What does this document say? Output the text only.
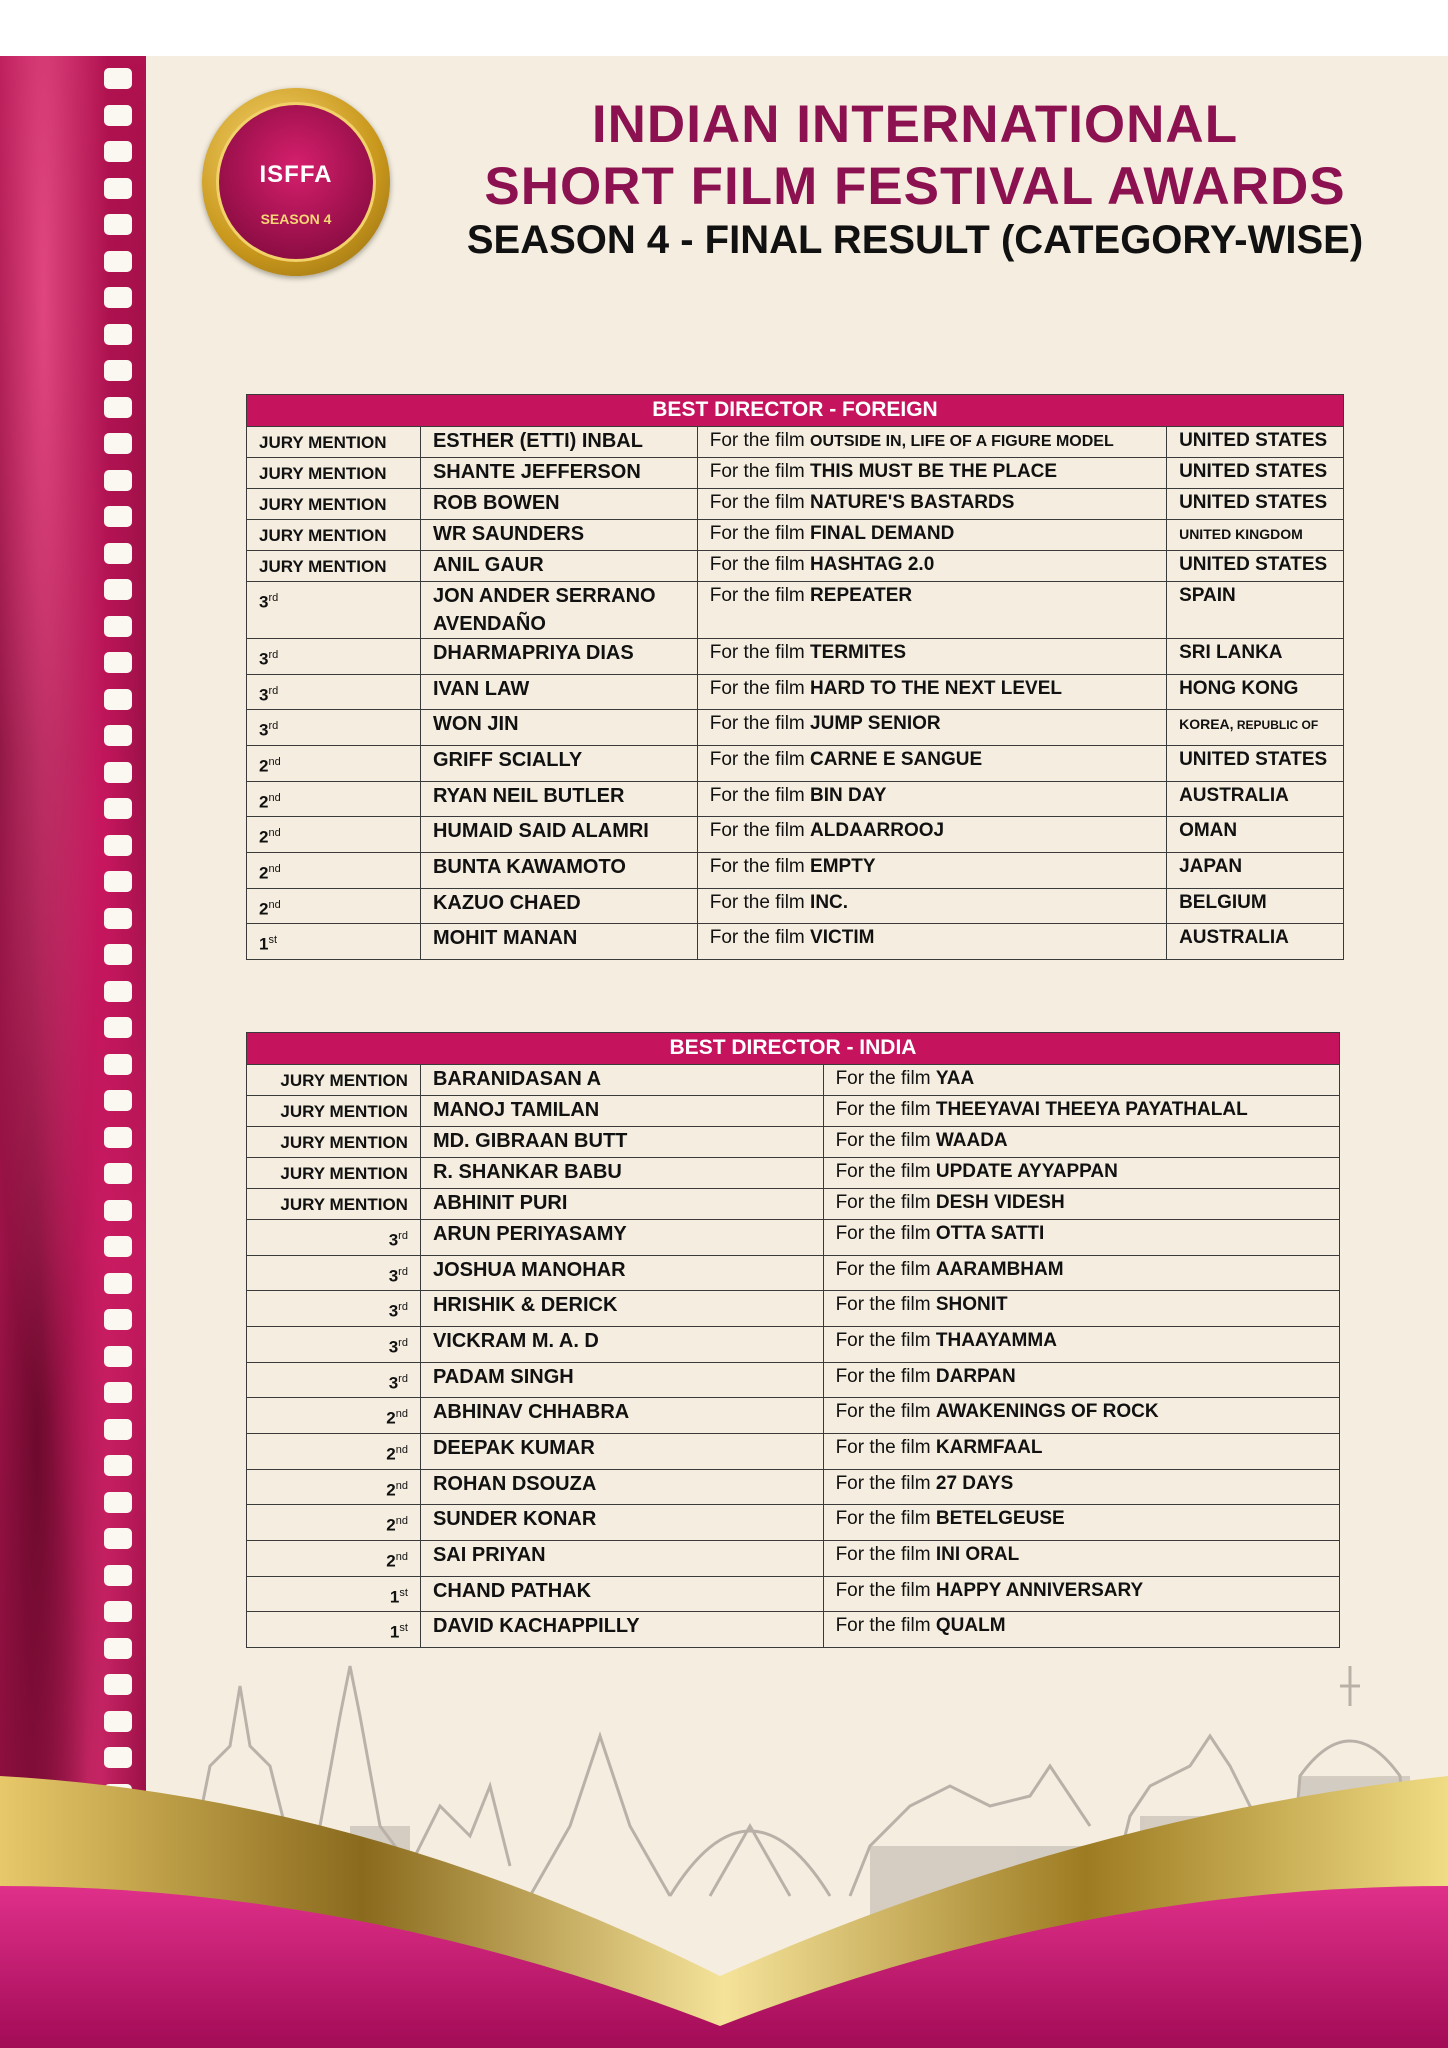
ISFFA
SEASON 4
INDIAN INTERNATIONAL
SHORT FILM FESTIVAL AWARDS
SEASON 4 - FINAL RESULT (CATEGORY-WISE)
BEST DIRECTOR - FOREIGN			
JURY MENTION	ESTHER (ETTI) INBAL	For the film OUTSIDE IN, LIFE OF A FIGURE MODEL	UNITED STATES
JURY MENTION	SHANTE JEFFERSON	For the film THIS MUST BE THE PLACE	UNITED STATES
JURY MENTION	ROB BOWEN	For the film NATURE'S BASTARDS	UNITED STATES
JURY MENTION	WR SAUNDERS	For the film FINAL DEMAND	UNITED KINGDOM
JURY MENTION	ANIL GAUR	For the film HASHTAG 2.0	UNITED STATES
3rd	JON ANDER SERRANO AVENDAÑO	For the film REPEATER	SPAIN
3rd	DHARMAPRIYA DIAS	For the film TERMITES	SRI LANKA
3rd	IVAN LAW	For the film HARD TO THE NEXT LEVEL	HONG KONG
3rd	WON JIN	For the film JUMP SENIOR	KOREA, REPUBLIC OF
2nd	GRIFF SCIALLY	For the film CARNE E SANGUE	UNITED STATES
2nd	RYAN NEIL BUTLER	For the film BIN DAY	AUSTRALIA
2nd	HUMAID SAID ALAMRI	For the film ALDAARROOJ	OMAN
2nd	BUNTA KAWAMOTO	For the film EMPTY	JAPAN
2nd	KAZUO CHAED	For the film INC.	BELGIUM
1st	MOHIT MANAN	For the film VICTIM	AUSTRALIA
BEST DIRECTOR - INDIA		
JURY MENTION	BARANIDASAN A	For the film YAA
JURY MENTION	MANOJ TAMILAN	For the film THEEYAVAI THEEYA PAYATHALAL
JURY MENTION	MD. GIBRAAN BUTT	For the film WAADA
JURY MENTION	R. SHANKAR BABU	For the film UPDATE AYYAPPAN
JURY MENTION	ABHINIT PURI	For the film DESH VIDESH
3rd	ARUN PERIYASAMY	For the film OTTA SATTI
3rd	JOSHUA MANOHAR	For the film AARAMBHAM
3rd	HRISHIK & DERICK	For the film SHONIT
3rd	VICKRAM M. A. D	For the film THAAYAMMA
3rd	PADAM SINGH	For the film DARPAN
2nd	ABHINAV CHHABRA	For the film AWAKENINGS OF ROCK
2nd	DEEPAK KUMAR	For the film KARMFAAL
2nd	ROHAN DSOUZA	For the film 27 DAYS
2nd	SUNDER KONAR	For the film BETELGEUSE
2nd	SAI PRIYAN	For the film INI ORAL
1st	CHAND PATHAK	For the film HAPPY ANNIVERSARY
1st	DAVID KACHAPPILLY	For the film QUALM
